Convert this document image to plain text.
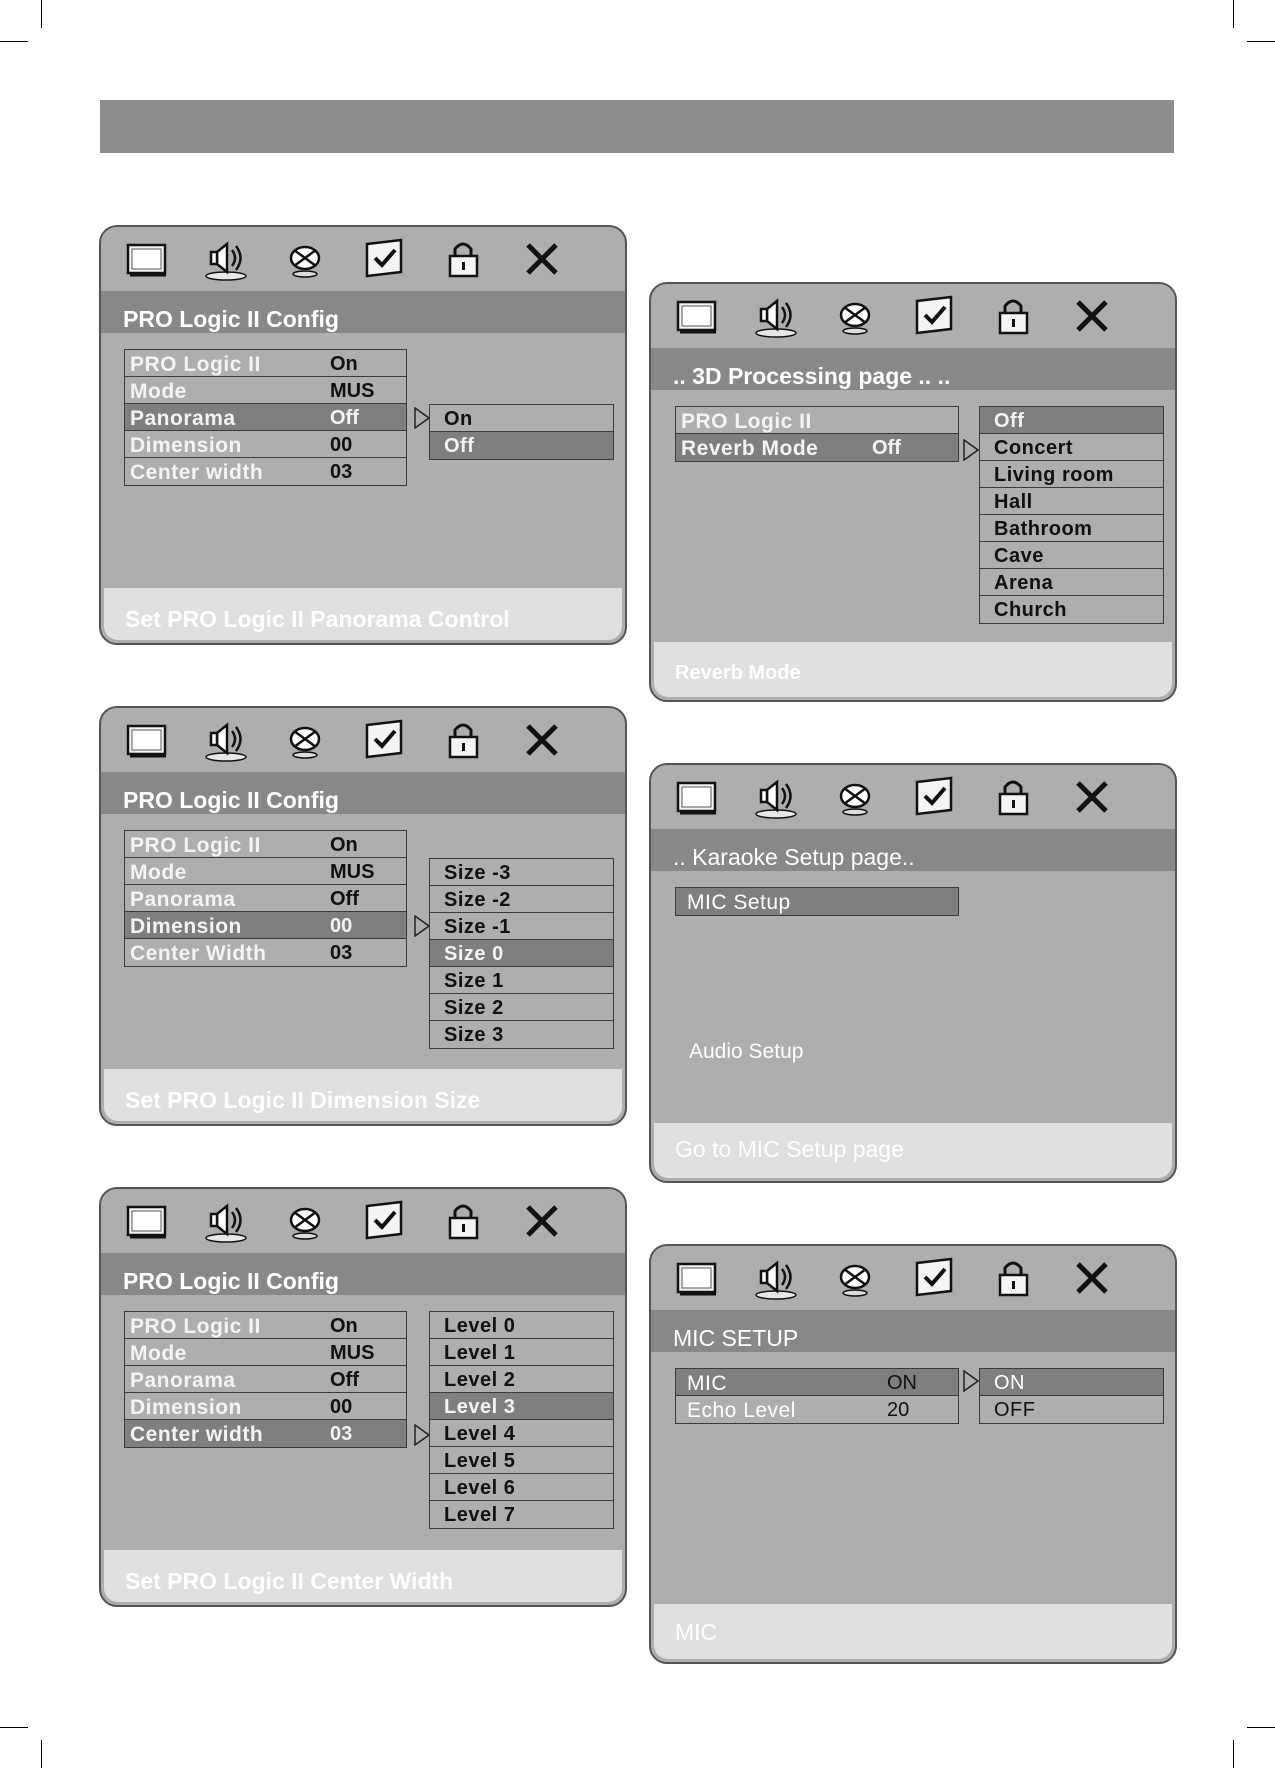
PRO Logic II Config
PRO Logic II	On
Mode	MUS
Panorama	Off
Dimension	00
Center width	03
On
Off
Set PRO Logic II Panorama Control
PRO Logic II Config
PRO Logic II	On
Mode	MUS
Panorama	Off
Dimension	00
Center Width	03
Size -3
Size -2
Size -1
Size 0
Size 1
Size 2
Size 3
Set PRO Logic II Dimension Size
PRO Logic II Config
PRO Logic II	On
Mode	MUS
Panorama	Off
Dimension	00
Center width	03
Level 0
Level 1
Level 2
Level 3
Level 4
Level 5
Level 6
Level 7
Set PRO Logic II Center Width
.. 3D Processing page .. ..
PRO Logic II
Reverb Mode	Off
Off
Concert
Living room
Hall
Bathroom
Cave
Arena
Church
Reverb Mode
.. Karaoke Setup page..
MIC Setup
Audio Setup
Go to MIC Setup page
MIC SETUP
MIC	ON
Echo Level	20
ON
OFF
MIC
